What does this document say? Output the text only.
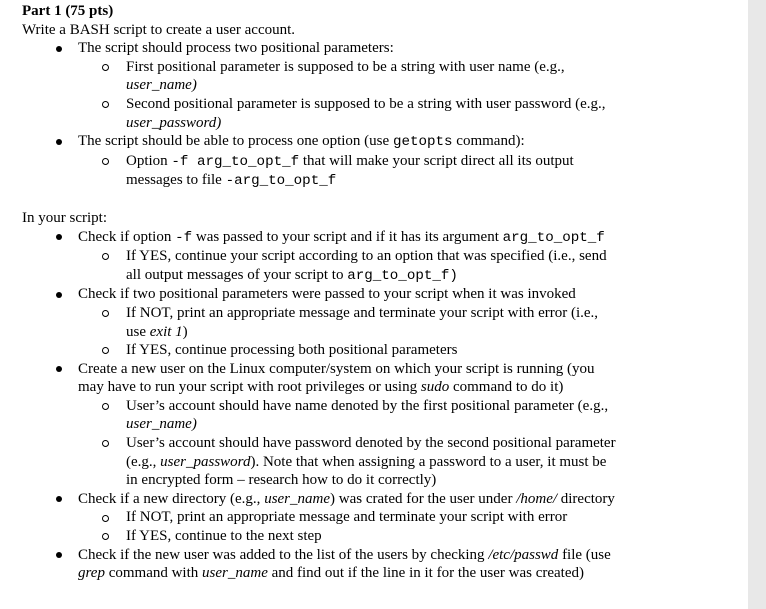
Part 1 (75 pts)
Write a BASH script to create a user account.
The script should process two positional parameters:
First positional parameter is supposed to be a string with user name (e.g.,
user_name)
Second positional parameter is supposed to be a string with user password (e.g.,
user_password)
The script should be able to process one option (use getopts command):
Option -f arg_to_opt_f that will make your script direct all its output
messages to file -arg_to_opt_f
In your script:
Check if option -f was passed to your script and if it has its argument arg_to_opt_f
If YES, continue your script according to an option that was specified (i.e., send
all output messages of your script to arg_to_opt_f)
Check if two positional parameters were passed to your script when it was invoked
If NOT, print an appropriate message and terminate your script with error (i.e.,
use exit 1)
If YES, continue processing both positional parameters
Create a new user on the Linux computer/system on which your script is running (you
may have to run your script with root privileges or using sudo command to do it)
User’s account should have name denoted by the first positional parameter (e.g.,
user_name)
User’s account should have password denoted by the second positional parameter
(e.g., user_password). Note that when assigning a password to a user, it must be
in encrypted form – research how to do it correctly)
Check if a new directory (e.g., user_name) was crated for the user under /home/ directory
If NOT, print an appropriate message and terminate your script with error
If YES, continue to the next step
Check if the new user was added to the list of the users by checking /etc/passwd file (use
grep command with user_name and find out if the line in it for the user was created)
